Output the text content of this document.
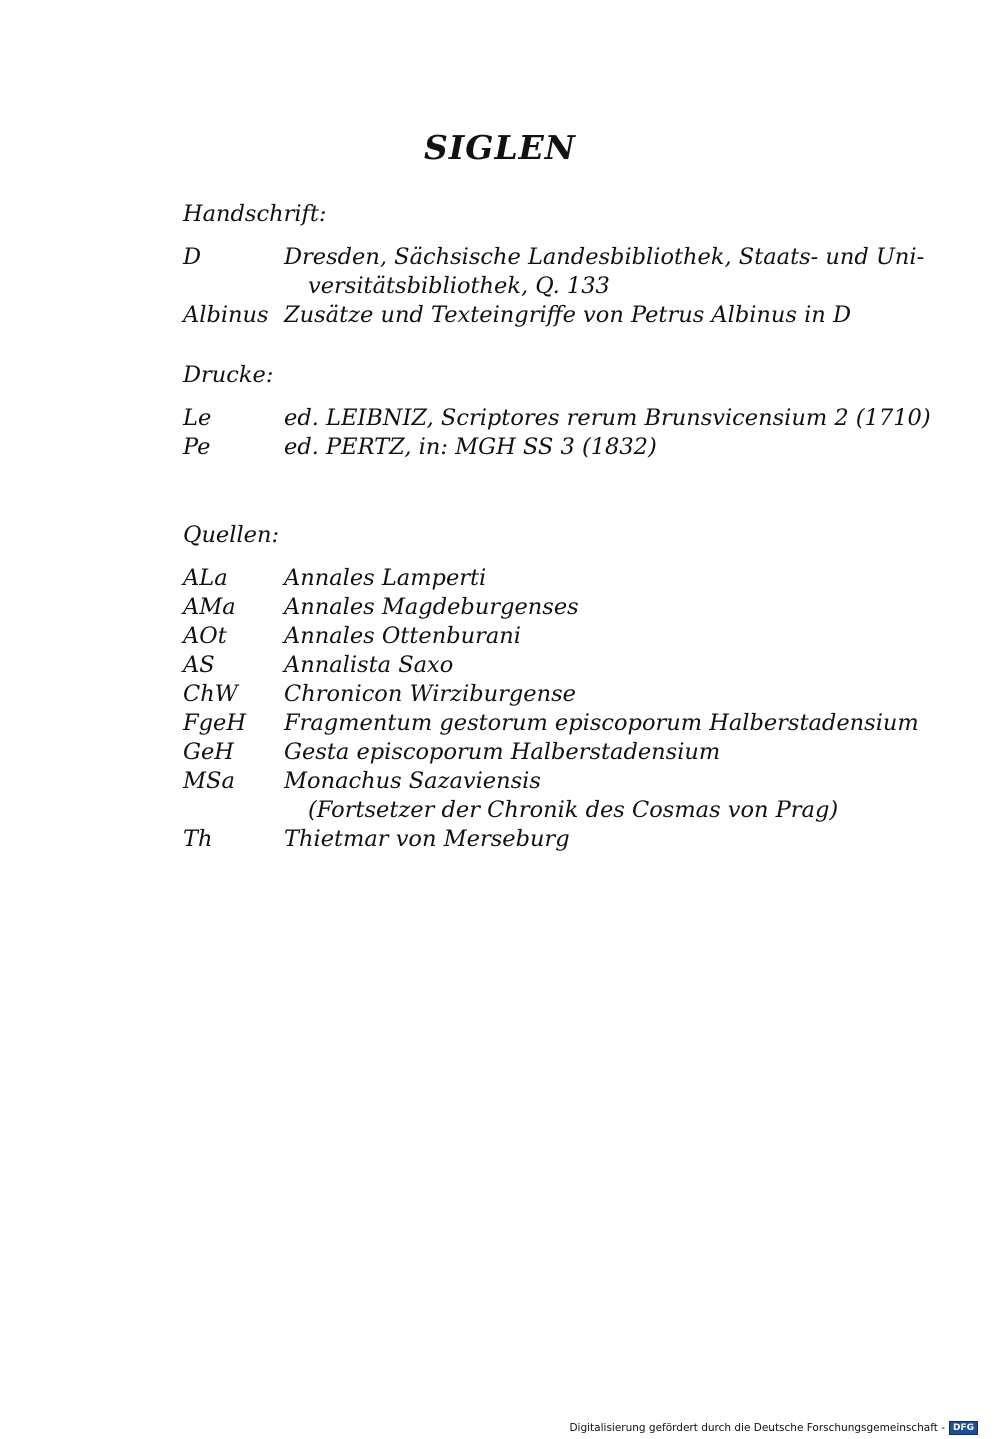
SIGLEN
Handschrift:
D	Dresden, Sächsische Landesbibliothek, Staats- und Uni-
versitätsbibliothek, Q. 133
Albinus Zusätze und Texteingriffe von Petrus Albinus in D
Drucke:
Le	ed. LEIBNIZ, Scriptores rerum Brunsvicensium 2 (1710)
Pe	ed. PERTZ, in: MGH SS 3 (1832)
Quellen:
ALa	Annales Lamperti
AMa	Annales Magdeburgenses
AOt	Annales Ottenburani
AS	Annalista Saxo
ChW	Chronicon Wirziburgense
FgeH	Fragmentum gestorum episcoporum Halberstadensium
GeH	Gesta episcoporum Halberstadensium
MSa	Monachus Sazaviensis
(Fortsetzer der Chronik des Cosmas von Prag)
Th	Thietmar von Merseburg
Digitalisierung gefördert durch die Deutsche Forschungsgemeinschaft - DFG
